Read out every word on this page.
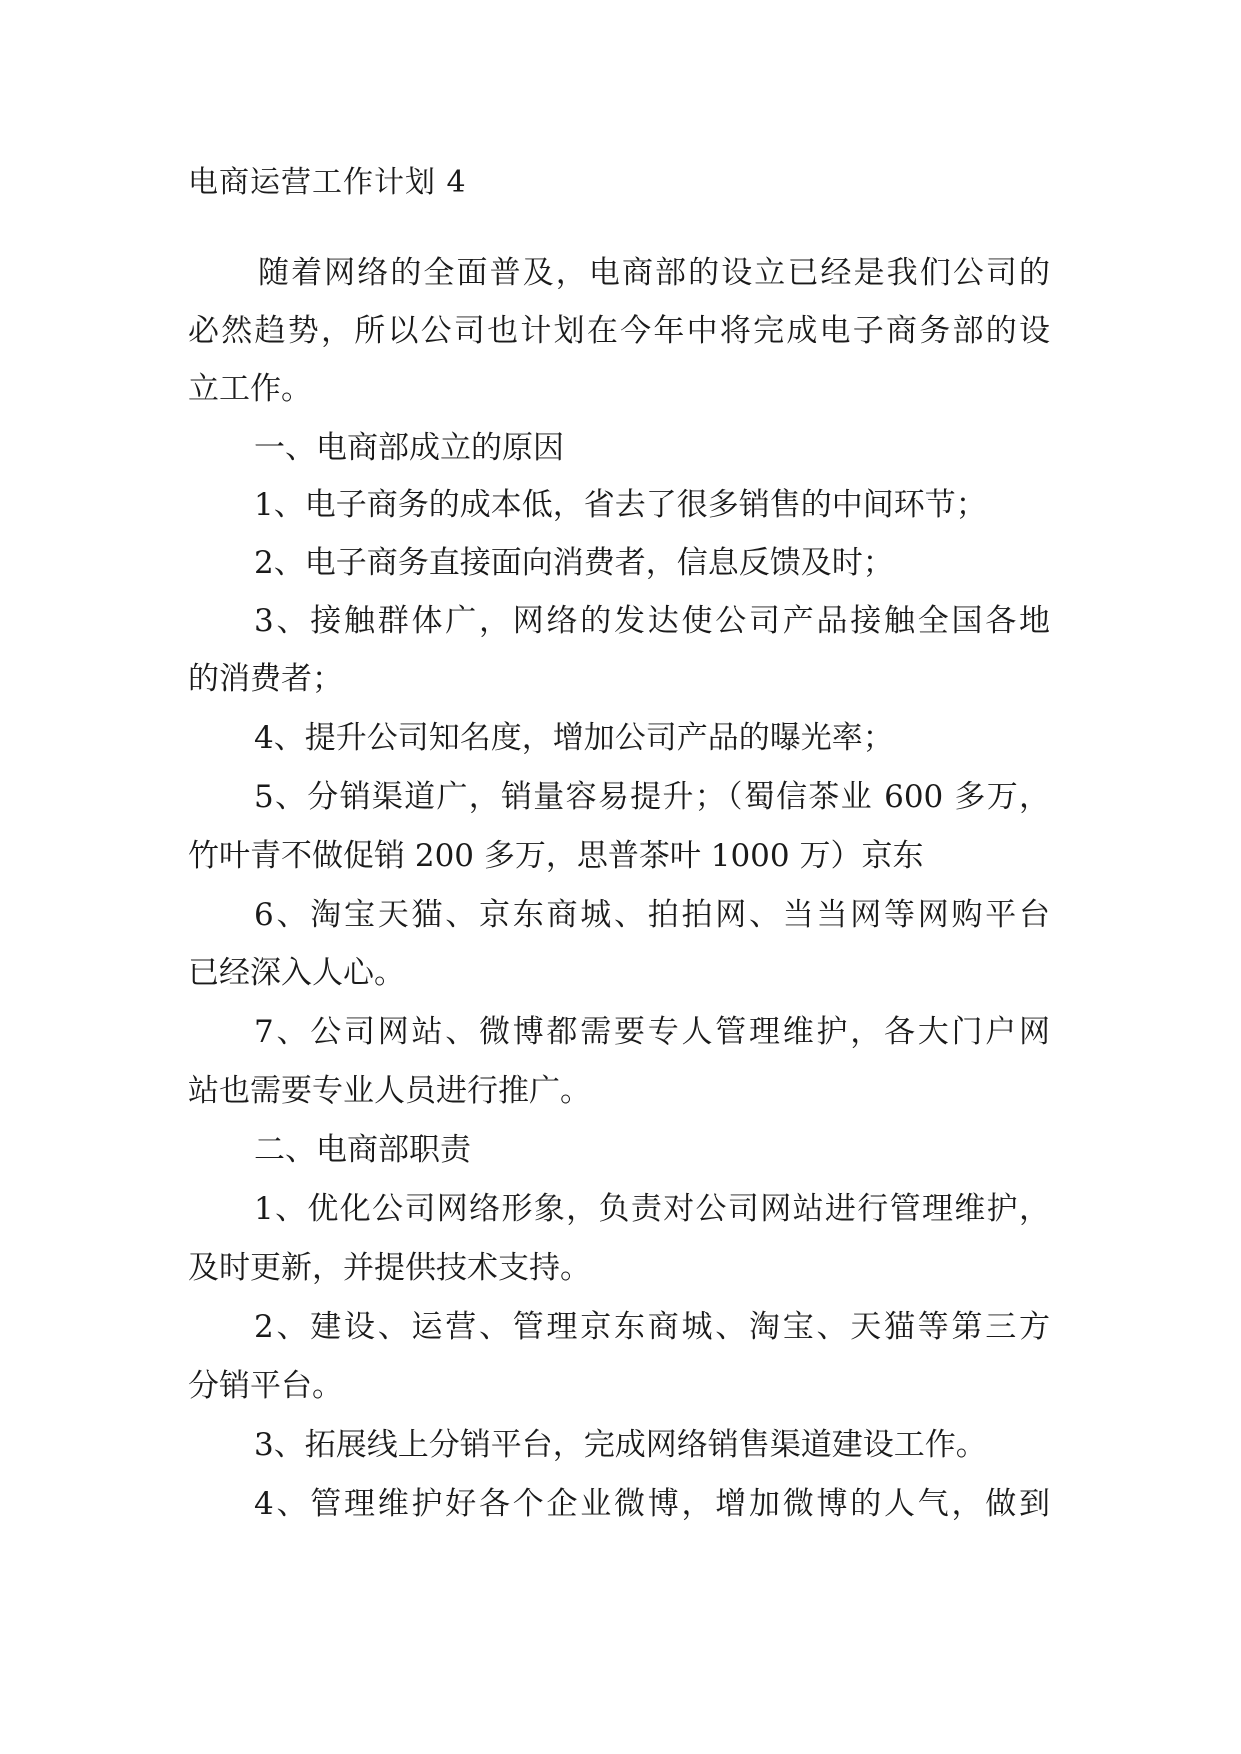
电商运营工作计划 4
随着网络的全面普及，电商部的设立已经是我们公司的
必然趋势，所以公司也计划在今年中将完成电子商务部的设
立工作。
一、电商部成立的原因
1、电子商务的成本低，省去了很多销售的中间环节；
2、电子商务直接面向消费者，信息反馈及时；
3、接触群体广，网络的发达使公司产品接触全国各地
的消费者；
4、提升公司知名度，增加公司产品的曝光率；
5、分销渠道广，销量容易提升；（蜀信茶业 600 多万，
竹叶青不做促销 200 多万，思普茶叶 1000 万）京东
6、淘宝天猫、京东商城、拍拍网、当当网等网购平台
已经深入人心。
7、公司网站、微博都需要专人管理维护，各大门户网
站也需要专业人员进行推广。
二、电商部职责
1、优化公司网络形象，负责对公司网站进行管理维护，
及时更新，并提供技术支持。
2、建设、运营、管理京东商城、淘宝、天猫等第三方
分销平台。
3、拓展线上分销平台，完成网络销售渠道建设工作。
4、管理维护好各个企业微博，增加微博的人气，做到
